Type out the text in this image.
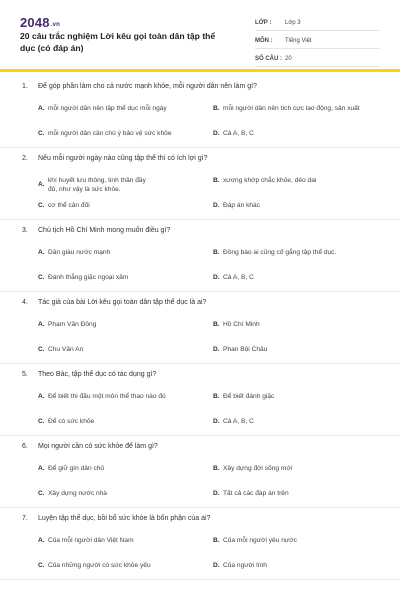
2048.vn
20 câu trắc nghiệm Lời kêu gọi toàn dân tập thể dục (có đáp án)
LỚP :	Lớp 3
MÔN :	Tiếng Việt
SỐ CÂU : 20
1. Để góp phần làm cho cả nước mạnh khỏe, mỗi người dân nên làm gì?
A. mỗi người dân nên tập thể dục mỗi ngày	B. mỗi người dân nên tích cực lao động, sản xuất
C. mỗi người dân cần chú ý bảo vệ sức khỏe	D. Cả A, B, C
2. Nếu mỗi người ngày nào cũng tập thể thì có ích lợi gì?
A.
khí huyết lưu thông, tinh thần đầy đủ, như vậy là sức khỏe.
B. xương khớp chắc khỏe, dẻo dai
C. cơ thể cân đối	D. Đáp án khác
3. Chủ tịch Hồ Chí Minh mong muốn điều gì?
A. Dân giàu nước mạnh	B. Đồng bào ai cũng cố gắng tập thể dục.
C. Đánh thắng giặc ngoại xâm	D. Cả A, B, C
4. Tác giả của bài Lời kêu gọi toàn dân tập thể dục là ai?
A. Phạm Văn Đồng	B. Hồ Chí Minh
C. Chu Văn An	D. Phan Bội Châu
5. Theo Bác, tập thể dục có tác dụng gì?
A. Để biết thi đấu một môn thể thao nào đó	B. Để biết đánh giặc
C. Để có sức khỏe	D. Cả A, B, C
6. Mọi người cần có sức khỏe để làm gì?
A. Để giữ gìn dân chủ	B. Xây dựng đời sống mới
C. Xây dựng nước nhà	D. Tất cả các đáp án trên
7. Luyện tập thể dục, bồi bổ sức khỏe là bổn phận của ai?
A. Của mỗi người dân Việt Nam	B. Của mỗi người yêu nước
C. Của những người có sức khỏe yếu	D. Của người lính
